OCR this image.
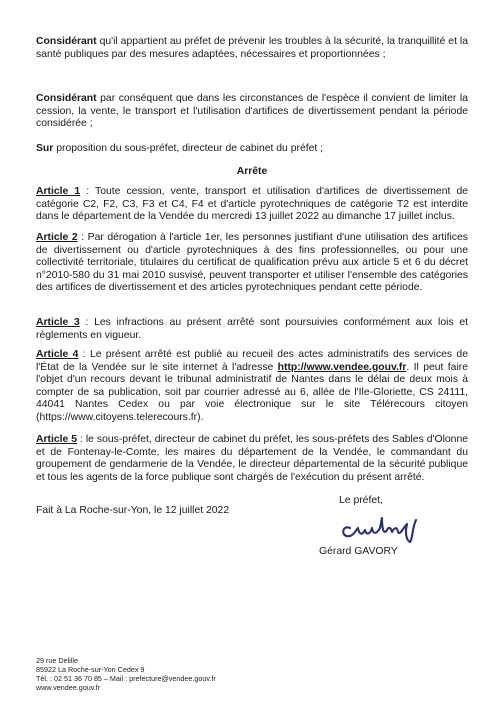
Considérant qu'il appartient au préfet de prévenir les troubles à la sécurité, la tranquillité et la santé publiques par des mesures adaptées, nécessaires et proportionnées ;

Considérant par conséquent que dans les circonstances de l'espèce il convient de limiter la cession, la vente, le transport et l'utilisation d'artifices de divertissement pendant la période considérée ;

Sur proposition du sous-préfet, directeur de cabinet du préfet ;

Arrête

Article 1 : Toute cession, vente, transport et utilisation d'artifices de divertissement de catégorie C2, F2, C3, F3 et C4, F4 et d'article pyrotechniques de catégorie T2 est interdite dans le département de la Vendée du mercredi 13 juillet 2022 au dimanche 17 juillet inclus.

Article 2 : Par dérogation à l'article 1er, les personnes justifiant d'une utilisation des artifices de divertissement ou d'article pyrotechniques à des fins professionnelles, ou pour une collectivité territoriale, titulaires du certificat de qualification prévu aux article 5 et 6 du décret n°2010-580 du 31 mai 2010 susvisé, peuvent transporter et utiliser l'ensemble des catégories des artifices de divertissement et des articles pyrotechniques pendant cette période.

Article 3 : Les infractions au présent arrêté sont poursuivies conformément aux lois et règlements en vigueur.

Article 4 : Le présent arrêté est publié au recueil des actes administratifs des services de l'État de la Vendée sur le site internet à l'adresse http://www.vendee.gouv.fr. Il peut faire l'objet d'un recours devant le tribunal administratif de Nantes dans le délai de deux mois à compter de sa publication, soit par courrier adressé au 6, allée de l'Ile-Gloriette, CS 24111, 44041 Nantes Cedex ou par voie électronique sur le site Télérecours citoyen (https://www.citoyens.telerecours.fr).

Article 5 : le sous-préfet, directeur de cabinet du préfet, les sous-préfets des Sables d'Olonne et de Fontenay-le-Comte, les maires du département de la Vendée, le commandant du groupement de gendarmerie de la Vendée, le directeur départemental de la sécurité publique et tous les agents de la force publique sont chargés de l'exécution du présent arrêté.

Fait à La Roche-sur-Yon, le 12 juillet 2022
Le préfet,
Gérard GAVORY
29 rue Delille
85922 La Roche-sur-Yon Cedex 9
Tél. : 02 51 36 70 85 – Mail : prefecture@vendee.gouv.fr
www.vendee.gouv.fr
